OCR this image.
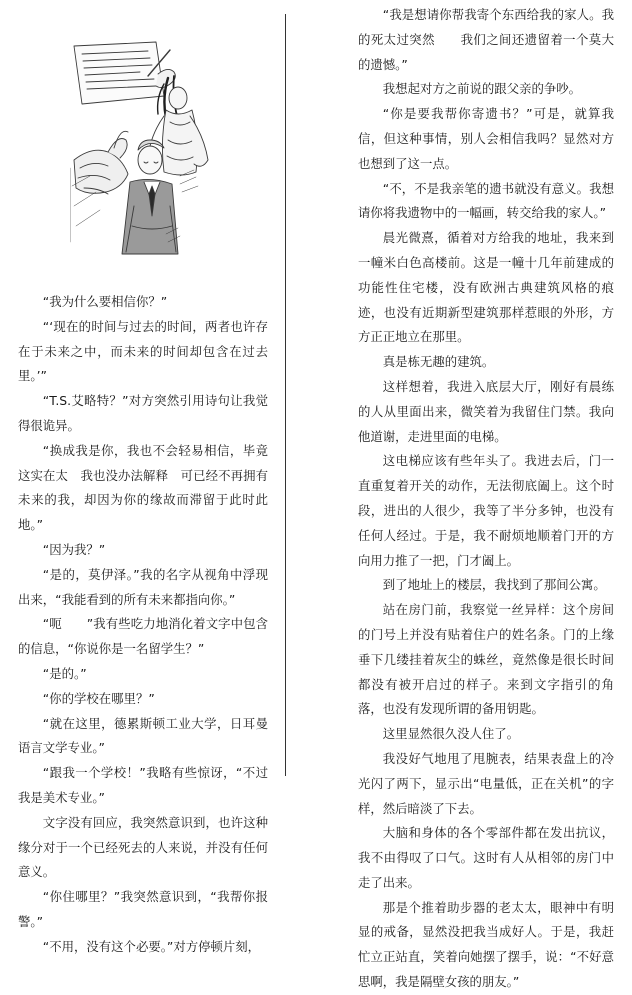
“我为什么要相信你？”

“‘现在的时间与过去的时间，两者也许存在于未来之中，而未来的时间却包含在过去里。’”

“T.S.艾略特？”对方突然引用诗句让我觉得很诡异。

“换成我是你，我也不会轻易相信，毕竟这实在太　我也没办法解释　可已经不再拥有未来的我，却因为你的缘故而滞留于此时此地。”

“因为我？”

“是的，莫伊泽。”我的名字从视角中浮现出来，“我能看到的所有未来都指向你。”

“呃　　”我有些吃力地消化着文字中包含的信息，“你说你是一名留学生？”

“是的。”

“你的学校在哪里？”

“就在这里，德累斯顿工业大学，日耳曼语言文学专业。”

“跟我一个学校！”我略有些惊讶，“不过我是美术专业。”

文字没有回应，我突然意识到，也许这种缘分对于一个已经死去的人来说，并没有任何意义。

“你住哪里？”我突然意识到，“我帮你报警。”

“不用，没有这个必要。”对方停顿片刻，

“我是想请你帮我寄个东西给我的家人。我的死太过突然　　我们之间还遗留着一个莫大的遗憾。”

我想起对方之前说的跟父亲的争吵。

“你是要我帮你寄遗书？”可是，就算我信，但这种事情，别人会相信我吗？显然对方也想到了这一点。

“不，不是我亲笔的遗书就没有意义。我想请你将我遗物中的一幅画，转交给我的家人。”

晨光微熹，循着对方给我的地址，我来到一幢米白色高楼前。这是一幢十几年前建成的功能性住宅楼，没有欧洲古典建筑风格的痕迹，也没有近期新型建筑那样惹眼的外形，方方正正地立在那里。

真是栋无趣的建筑。

这样想着，我进入底层大厅，刚好有晨练的人从里面出来，微笑着为我留住门禁。我向他道谢，走进里面的电梯。

这电梯应该有些年头了。我进去后，门一直重复着开关的动作，无法彻底阖上。这个时段，进出的人很少，我等了半分多钟，也没有任何人经过。于是，我不耐烦地顺着门开的方向用力推了一把，门才阖上。

到了地址上的楼层，我找到了那间公寓。

站在房门前，我察觉一丝异样：这个房间的门号上并没有贴着住户的姓名条。门的上缘垂下几缕挂着灰尘的蛛丝，竟然像是很长时间都没有被开启过的样子。来到文字指引的角落，也没有发现所谓的备用钥匙。

这里显然很久没人住了。

我没好气地甩了甩腕表，结果表盘上的冷光闪了两下，显示出“电量低，正在关机”的字样，然后暗淡了下去。

大脑和身体的各个零部件都在发出抗议，我不由得叹了口气。这时有人从相邻的房门中走了出来。

那是个推着助步器的老太太，眼神中有明显的戒备，显然没把我当成好人。于是，我赶忙立正站直，笑着向她摆了摆手，说：“不好意思啊，我是隔壁女孩的朋友。”
